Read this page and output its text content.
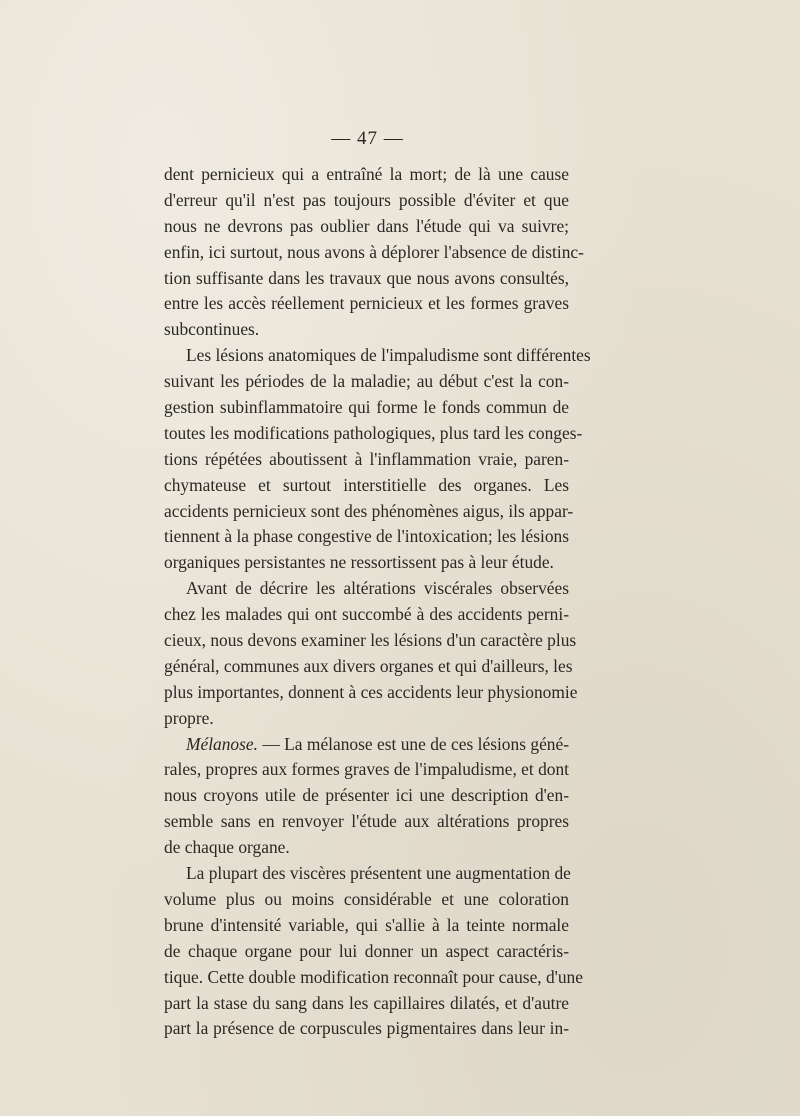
— 47 —
dent pernicieux qui a entraîné la mort; de là une cause
d'erreur qu'il n'est pas toujours possible d'éviter et que
nous ne devrons pas oublier dans l'étude qui va suivre;
enfin, ici surtout, nous avons à déplorer l'absence de distinc-
tion suffisante dans les travaux que nous avons consultés,
entre les accès réellement pernicieux et les formes graves
subcontinues.
Les lésions anatomiques de l'impaludisme sont différentes
suivant les périodes de la maladie; au début c'est la con-
gestion subinflammatoire qui forme le fonds commun de
toutes les modifications pathologiques, plus tard les conges-
tions répétées aboutissent à l'inflammation vraie, paren-
chymateuse et surtout interstitielle des organes. Les
accidents pernicieux sont des phénomènes aigus, ils appar-
tiennent à la phase congestive de l'intoxication; les lésions
organiques persistantes ne ressortissent pas à leur étude.
Avant de décrire les altérations viscérales observées
chez les malades qui ont succombé à des accidents perni-
cieux, nous devons examiner les lésions d'un caractère plus
général, communes aux divers organes et qui d'ailleurs, les
plus importantes, donnent à ces accidents leur physionomie
propre.
Mélanose. — La mélanose est une de ces lésions géné-
rales, propres aux formes graves de l'impaludisme, et dont
nous croyons utile de présenter ici une description d'en-
semble sans en renvoyer l'étude aux altérations propres
de chaque organe.
La plupart des viscères présentent une augmentation de
volume plus ou moins considérable et une coloration
brune d'intensité variable, qui s'allie à la teinte normale
de chaque organe pour lui donner un aspect caractéris-
tique. Cette double modification reconnaît pour cause, d'une
part la stase du sang dans les capillaires dilatés, et d'autre
part la présence de corpuscules pigmentaires dans leur in-
